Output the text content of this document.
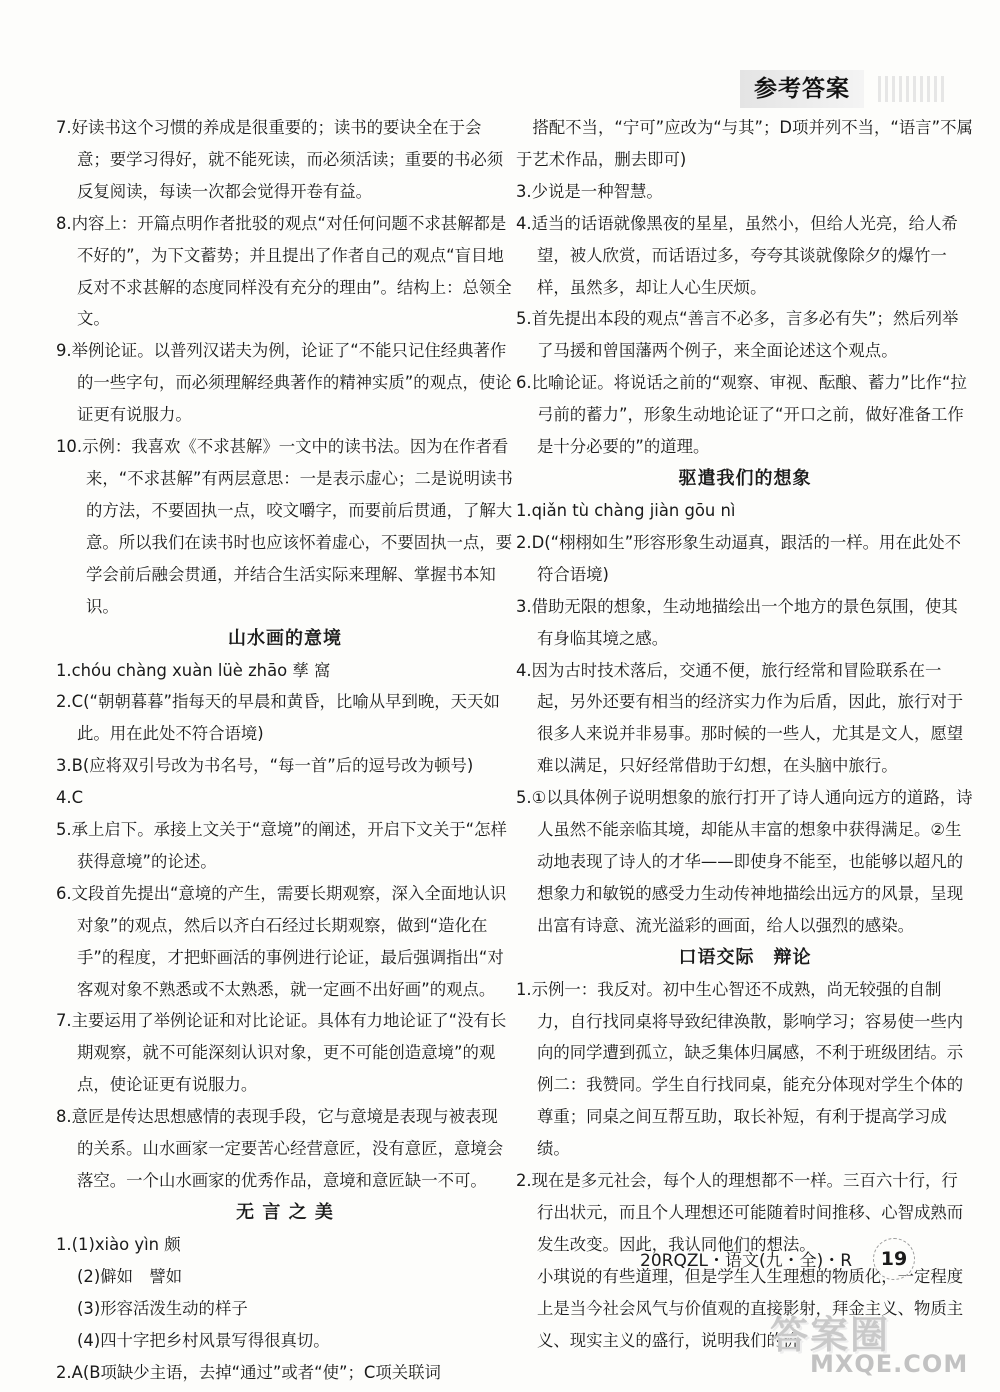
参考答案

7.好读书这个习惯的养成是很重要的；读书的要诀全在于会意；要学习得好，就不能死读，而必须活读；重要的书必须反复阅读，每读一次都会觉得开卷有益。

8.内容上：开篇点明作者批驳的观点“对任何问题不求甚解都是不好的”，为下文蓄势；并且提出了作者自己的观点“盲目地反对不求甚解的态度同样没有充分的理由”。结构上：总领全文。

9.举例论证。以普列汉诺夫为例，论证了“不能只记住经典著作的一些字句，而必须理解经典著作的精神实质”的观点，使论证更有说服力。

10.示例：我喜欢《不求甚解》一文中的读书法。因为在作者看来，“不求甚解”有两层意思：一是表示虚心；二是说明读书的方法，不要固执一点，咬文嚼字，而要前后贯通，了解大意。所以我们在读书时也应该怀着虚心，不要固执一点，要学会前后融会贯通，并结合生活实际来理解、掌握书本知识。

山水画的意境

1.chóu chàng xuàn lüè zhāo 孳 窩

2.C(“朝朝暮暮”指每天的早晨和黄昏，比喻从早到晚，天天如此。用在此处不符合语境)

3.B(应将双引号改为书名号，“每一首”后的逗号改为顿号)

4.C

5.承上启下。承接上文关于“意境”的阐述，开启下文关于“怎样获得意境”的论述。

6.文段首先提出“意境的产生，需要长期观察，深入全面地认识对象”的观点，然后以齐白石经过长期观察，做到“造化在手”的程度，才把虾画活的事例进行论证，最后强调指出“对客观对象不熟悉或不太熟悉，就一定画不出好画”的观点。

7.主要运用了举例论证和对比论证。具体有力地论证了“没有长期观察，就不可能深刻认识对象，更不可能创造意境”的观点，使论证更有说服力。

8.意匠是传达思想感情的表现手段，它与意境是表现与被表现的关系。山水画家一定要苦心经营意匠，没有意匠，意境会落空。一个山水画家的优秀作品，意境和意匠缺一不可。

无 言 之 美

1.(1)xiào yìn 颇

(2)僻如　譬如

(3)形容活泼生动的样子

(4)四十字把乡村风景写得很真切。

2.A(B项缺少主语，去掉“通过”或者“使”；C项关联词

　搭配不当，“宁可”应改为“与其”；D项并列不当，“语言”不属于艺术作品，删去即可)

3.少说是一种智慧。

4.适当的话语就像黑夜的星星，虽然小，但给人光亮，给人希望，被人欣赏，而话语过多，夸夸其谈就像除夕的爆竹一样，虽然多，却让人心生厌烦。

5.首先提出本段的观点“善言不必多，言多必有失”；然后列举了马援和曾国藩两个例子，来全面论述这个观点。

6.比喻论证。将说话之前的“观察、审视、酝酿、蓄力”比作“拉弓前的蓄力”，形象生动地论证了“开口之前，做好准备工作是十分必要的”的道理。

驱遣我们的想象

1.qiǎn tù chàng jiàn gōu nì

2.D(“栩栩如生”形容形象生动逼真，跟活的一样。用在此处不符合语境)

3.借助无限的想象，生动地描绘出一个地方的景色氛围，使其有身临其境之感。

4.因为古时技术落后，交通不便，旅行经常和冒险联系在一起，另外还要有相当的经济实力作为后盾，因此，旅行对于很多人来说并非易事。那时候的一些人，尤其是文人，愿望难以满足，只好经常借助于幻想，在头脑中旅行。

5.①以具体例子说明想象的旅行打开了诗人通向远方的道路，诗人虽然不能亲临其境，却能从丰富的想象中获得满足。②生动地表现了诗人的才华——即使身不能至，也能够以超凡的想象力和敏锐的感受力生动传神地描绘出远方的风景，呈现出富有诗意、流光溢彩的画面，给人以强烈的感染。

口语交际　辩论

1.示例一：我反对。初中生心智还不成熟，尚无较强的自制力，自行找同桌将导致纪律涣散，影响学习；容易使一些内向的同学遭到孤立，缺乏集体归属感，不利于班级团结。示例二：我赞同。学生自行找同桌，能充分体现对学生个体的尊重；同桌之间互帮互助，取长补短，有利于提高学习成绩。

2.现在是多元社会，每个人的理想都不一样。三百六十行，行行出状元，而且个人理想还可能随着时间推移、心智成熟而发生改变。因此，我认同他们的想法。

小琪说的有些道理，但是学生人生理想的物质化，一定程度上是当今社会风气与价值观的直接影射，拜金主义、物质主义、现实主义的盛行，说明我们的价

20RQZL・语文(九・全)・R	19
答案圈
MXQE.COM
